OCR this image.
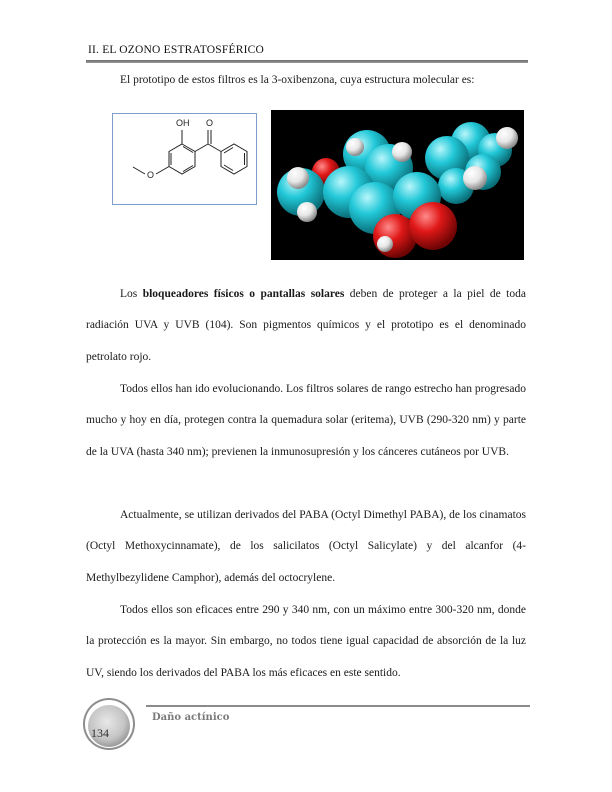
II. EL OZONO ESTRATOSFÉRICO
El prototipo de estos filtros es la 3-oxibenzona, cuya estructura molecular es:
OH O
O

Los bloqueadores físicos o pantallas solares deben de proteger a la piel de toda radiación UVA y UVB (104). Son pigmentos químicos y el prototipo es el denominado petrolato rojo.

Todos ellos han ido evolucionando. Los filtros solares de rango estrecho han progresado mucho y hoy en día, protegen contra la quemadura solar (eritema), UVB (290-320 nm) y parte de la UVA (hasta 340 nm); previenen la inmunosupresión y los cánceres cutáneos por UVB.

Actualmente, se utilizan derivados del PABA (Octyl Dimethyl PABA), de los cinamatos (Octyl Methoxycinnamate), de los salicilatos (Octyl Salicylate) y del alcanfor (4-Methylbezylidene Camphor), además del octocrylene.

Todos ellos son eficaces entre 290 y 340 nm, con un máximo entre 300-320 nm, donde la protección es la mayor. Sin embargo, no todos tiene igual capacidad de absorción de la luz UV, siendo los derivados del PABA los más eficaces en este sentido.

Daño actínico
134
